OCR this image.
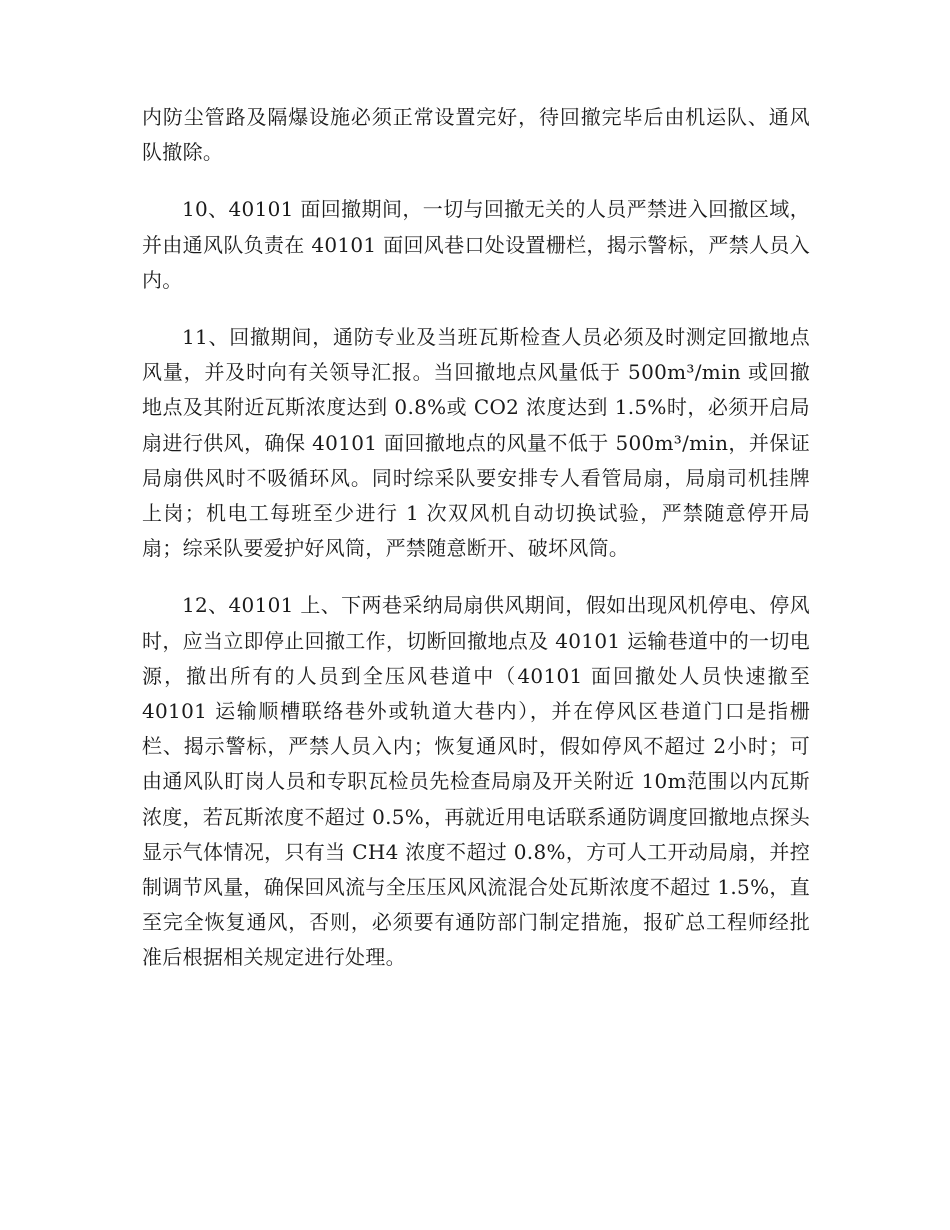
内防尘管路及隔爆设施必须正常设置完好，待回撤完毕后由机运队、通风队撤除。

10、40101 面回撤期间，一切与回撤无关的人员严禁进入回撤区域，并由通风队负责在 40101 面回风巷口处设置栅栏，揭示警标，严禁人员入内。

11、回撤期间，通防专业及当班瓦斯检查人员必须及时测定回撤地点风量，并及时向有关领导汇报。当回撤地点风量低于 500m³/min 或回撤地点及其附近瓦斯浓度达到 0.8%或 CO2 浓度达到 1.5%时，必须开启局扇进行供风，确保 40101 面回撤地点的风量不低于 500m³/min，并保证局扇供风时不吸循环风。同时综采队要安排专人看管局扇，局扇司机挂牌上岗；机电工每班至少进行 1 次双风机自动切换试验，严禁随意停开局扇；综采队要爱护好风筒，严禁随意断开、破坏风筒。

12、40101 上、下两巷采纳局扇供风期间，假如出现风机停电、停风时，应当立即停止回撤工作，切断回撤地点及 40101 运输巷道中的一切电源，撤出所有的人员到全压风巷道中（40101 面回撤处人员快速撤至 40101 运输顺槽联络巷外或轨道大巷内），并在停风区巷道门口是指栅栏、揭示警标，严禁人员入内；恢复通风时，假如停风不超过 2小时；可由通风队盯岗人员和专职瓦检员先检查局扇及开关附近 10m范围以内瓦斯浓度，若瓦斯浓度不超过 0.5%，再就近用电话联系通防调度回撤地点探头显示气体情况，只有当 CH4 浓度不超过 0.8%，方可人工开动局扇，并控制调节风量，确保回风流与全压压风风流混合处瓦斯浓度不超过 1.5%，直至完全恢复通风，否则，必须要有通防部门制定措施，报矿总工程师经批准后根据相关规定进行处理。
